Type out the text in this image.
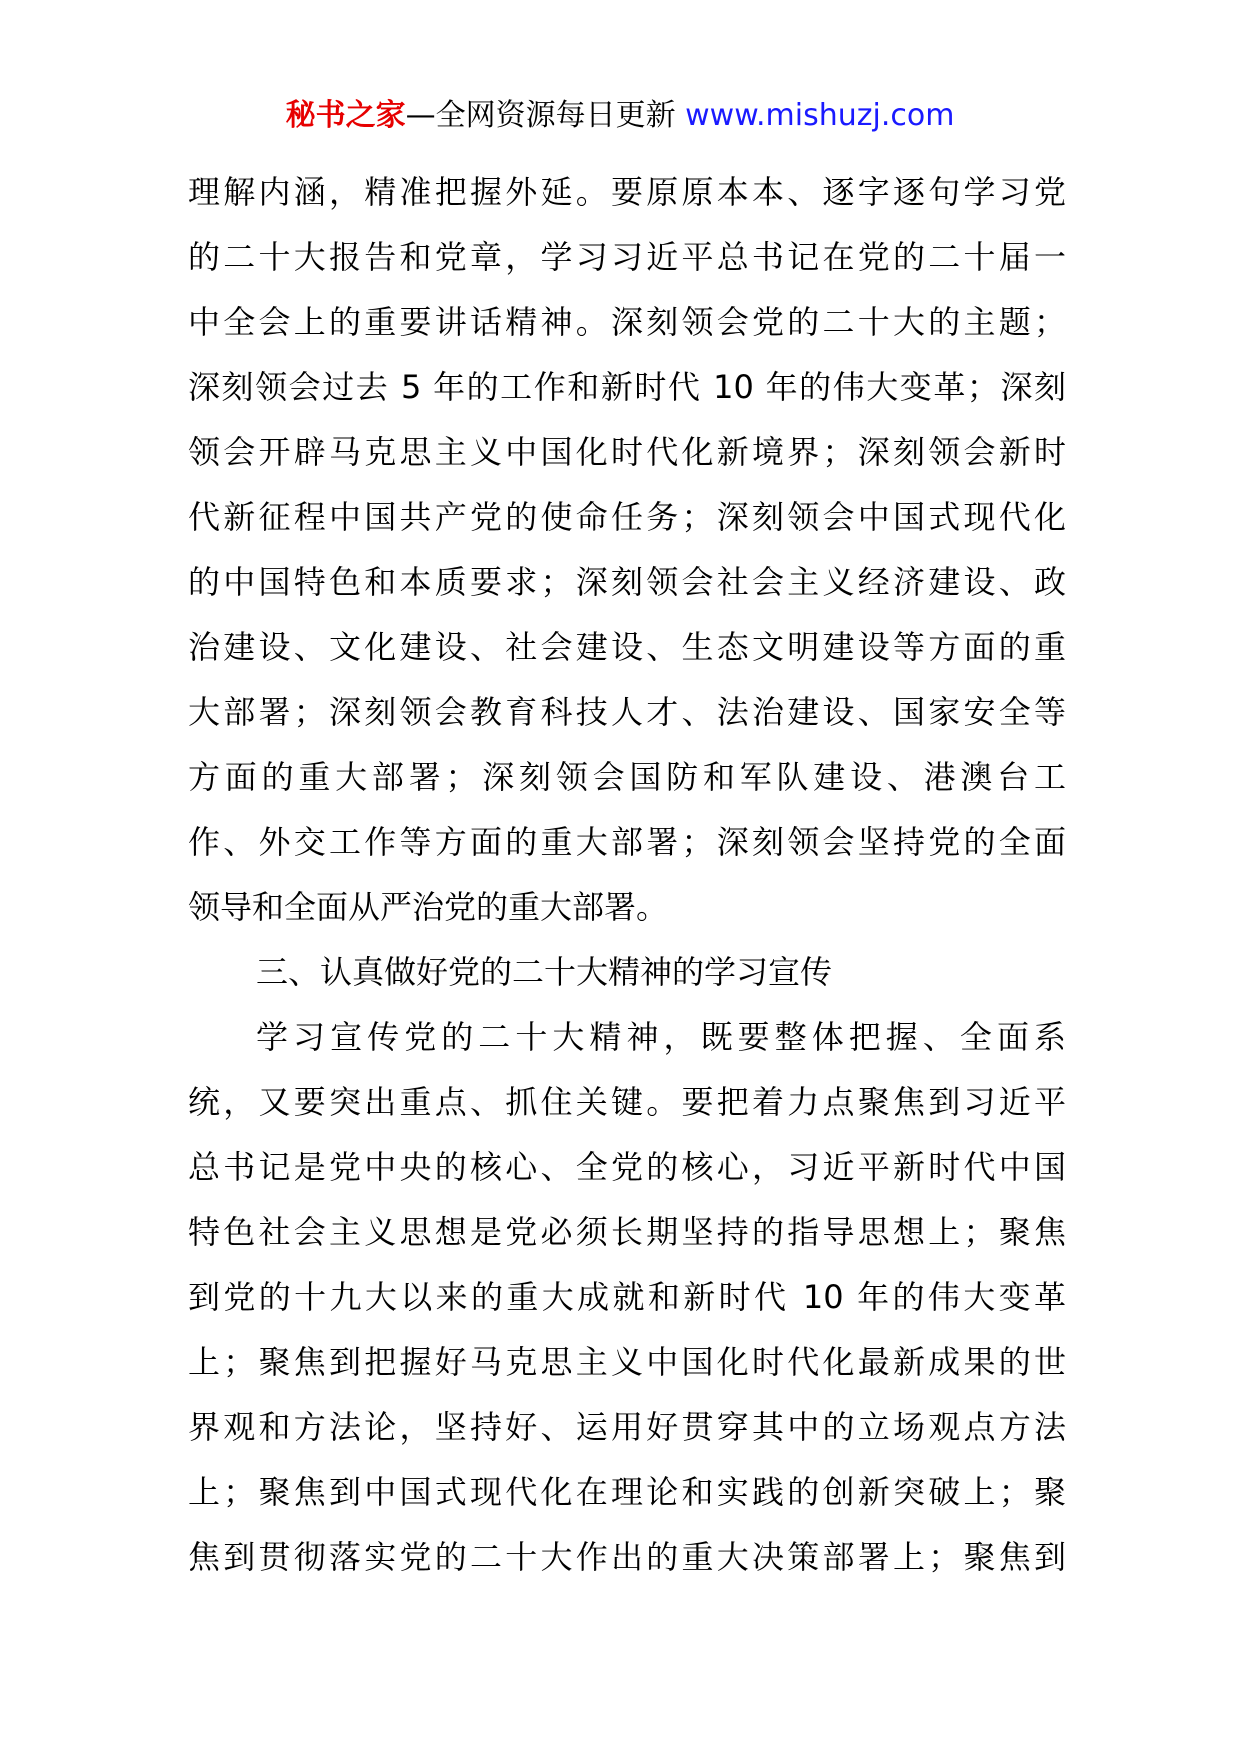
秘书之家—全网资源每日更新 www.mishuzj.com
理解内涵，精准把握外延。要原原本本、逐字逐句学习党
的二十大报告和党章，学习习近平总书记在党的二十届一
中全会上的重要讲话精神。深刻领会党的二十大的主题；
深刻领会过去 5 年的工作和新时代 10 年的伟大变革；深刻
领会开辟马克思主义中国化时代化新境界；深刻领会新时
代新征程中国共产党的使命任务；深刻领会中国式现代化
的中国特色和本质要求；深刻领会社会主义经济建设、政
治建设、文化建设、社会建设、生态文明建设等方面的重
大部署；深刻领会教育科技人才、法治建设、国家安全等
方面的重大部署；深刻领会国防和军队建设、港澳台工
作、外交工作等方面的重大部署；深刻领会坚持党的全面
领导和全面从严治党的重大部署。
三、认真做好党的二十大精神的学习宣传
学习宣传党的二十大精神，既要整体把握、全面系
统，又要突出重点、抓住关键。要把着力点聚焦到习近平
总书记是党中央的核心、全党的核心，习近平新时代中国
特色社会主义思想是党必须长期坚持的指导思想上；聚焦
到党的十九大以来的重大成就和新时代 10 年的伟大变革
上；聚焦到把握好马克思主义中国化时代化最新成果的世
界观和方法论，坚持好、运用好贯穿其中的立场观点方法
上；聚焦到中国式现代化在理论和实践的创新突破上；聚
焦到贯彻落实党的二十大作出的重大决策部署上；聚焦到
